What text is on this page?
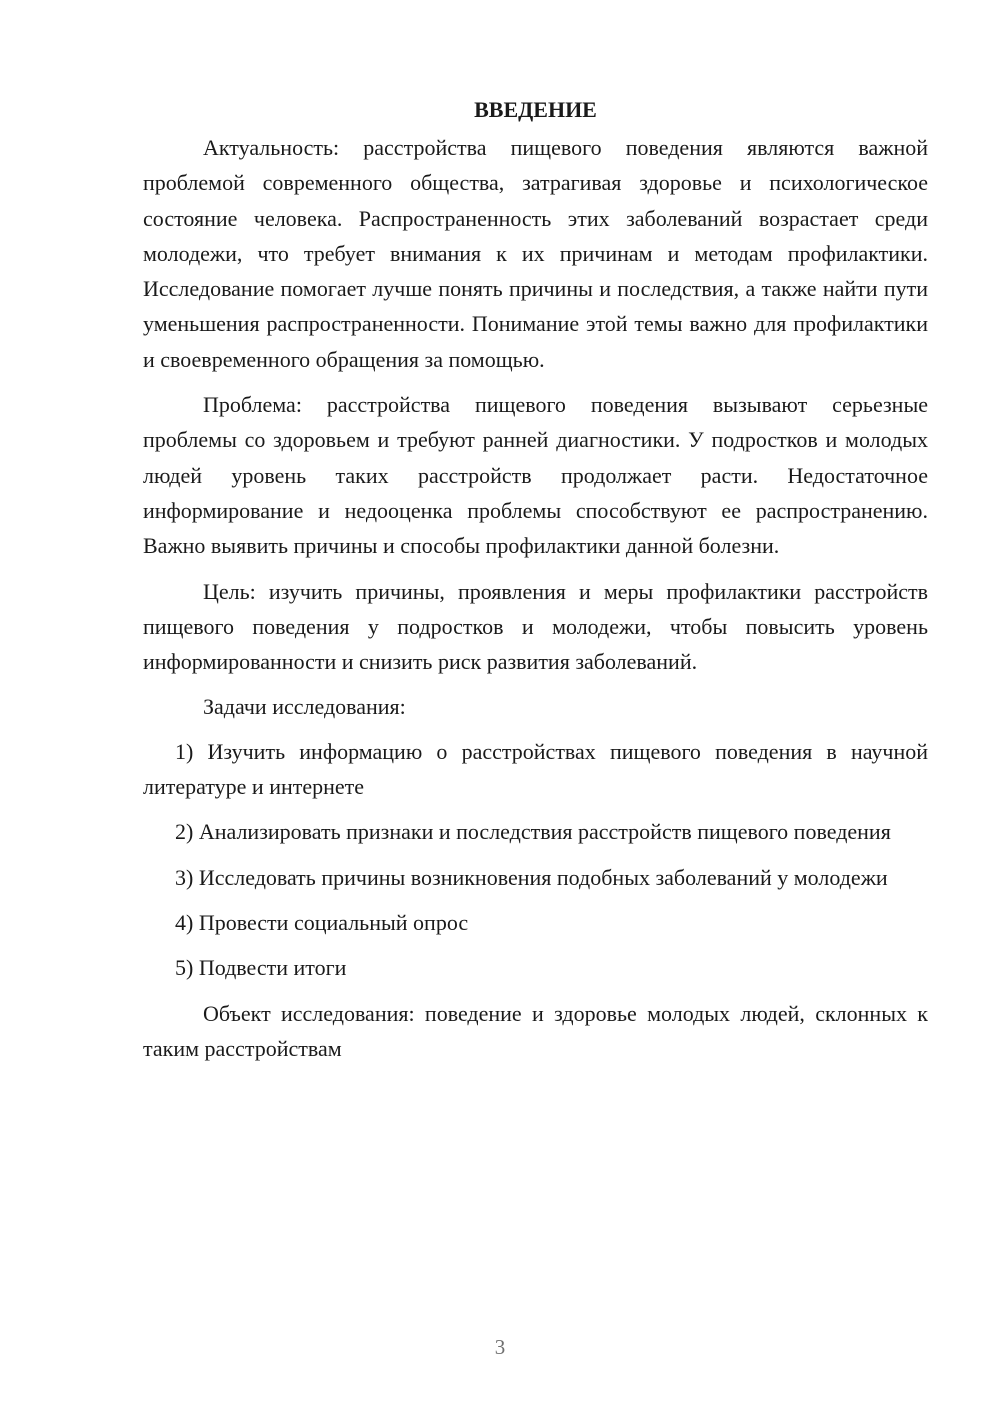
ВВЕДЕНИЕ

Актуальность: расстройства пищевого поведения являются важной проблемой современного общества, затрагивая здоровье и психологическое состояние человека. Распространенность этих заболеваний возрастает среди молодежи, что требует внимания к их причинам и методам профилактики. Исследование помогает лучше понять причины и последствия, а также найти пути уменьшения распространенности. Понимание этой темы важно для профилактики и своевременного обращения за помощью.

Проблема: расстройства пищевого поведения вызывают серьезные проблемы со здоровьем и требуют ранней диагностики. У подростков и молодых людей уровень таких расстройств продолжает расти. Недостаточное информирование и недооценка проблемы способствуют ее распространению. Важно выявить причины и способы профилактики данной болезни.

Цель: изучить причины, проявления и меры профилактики расстройств пищевого поведения у подростков и молодежи, чтобы повысить уровень информированности и снизить риск развития заболеваний.

Задачи исследования:

1) Изучить информацию о расстройствах пищевого поведения в научной литературе и интернете

2) Анализировать признаки и последствия расстройств пищевого поведения

3) Исследовать причины возникновения подобных заболеваний у молодежи

4) Провести социальный опрос

5) Подвести итоги

Объект исследования: поведение и здоровье молодых людей, склонных к таким расстройствам

3
